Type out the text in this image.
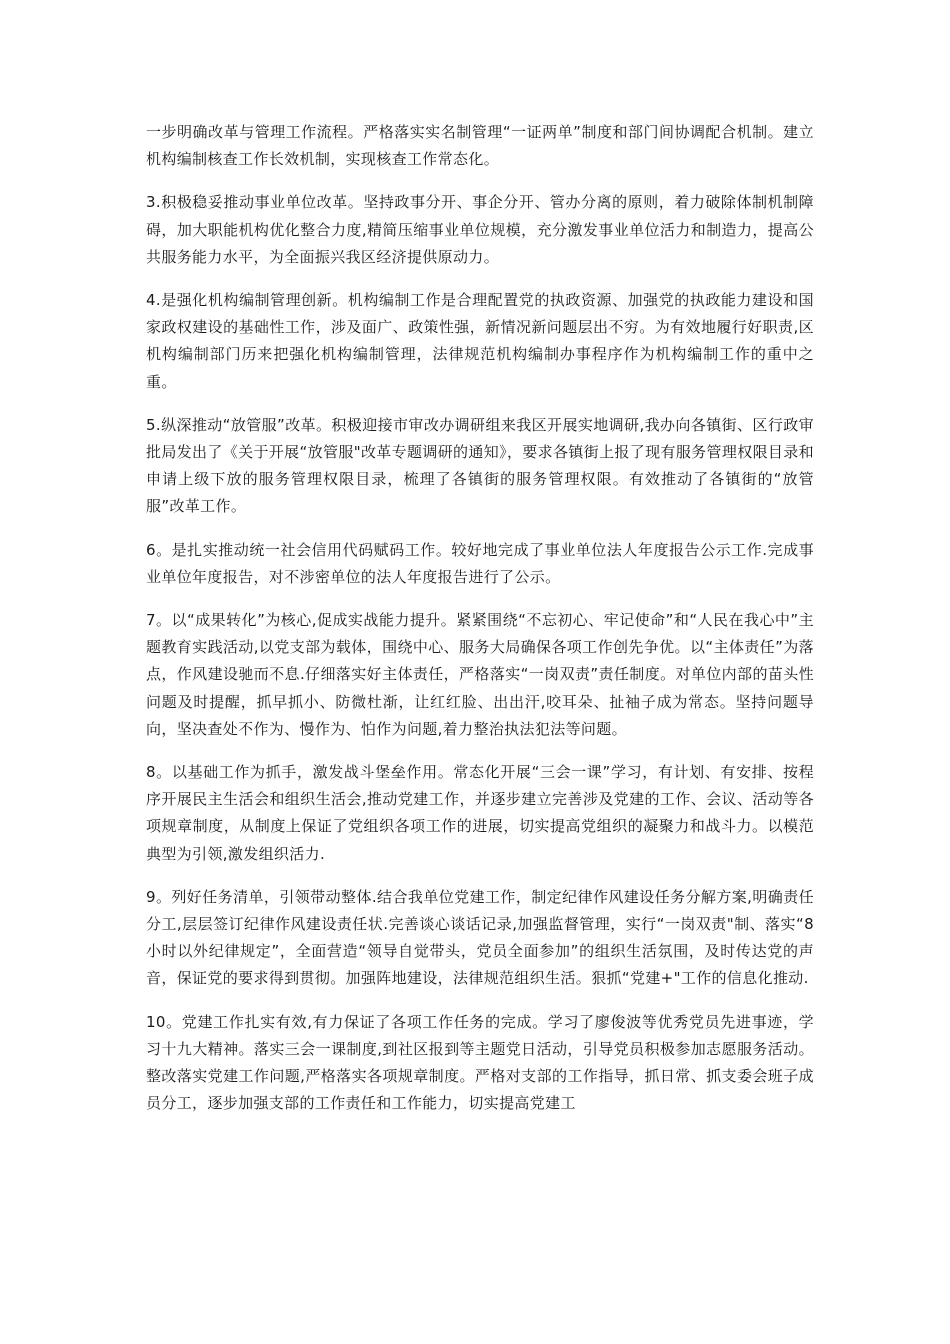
一步明确改革与管理工作流程。严格落实实名制管理“一证两单”制度和部门间协调配合机制。建立机构编制核查工作长效机制，实现核查工作常态化。

3.积极稳妥推动事业单位改革。坚持政事分开、事企分开、管办分离的原则，着力破除体制机制障碍，加大职能机构优化整合力度,精简压缩事业单位规模，充分激发事业单位活力和制造力，提高公共服务能力水平，为全面振兴我区经济提供原动力。

4.是强化机构编制管理创新。机构编制工作是合理配置党的执政资源、加强党的执政能力建设和国家政权建设的基础性工作，涉及面广、政策性强，新情况新问题层出不穷。为有效地履行好职责,区机构编制部门历来把强化机构编制管理，法律规范机构编制办事程序作为机构编制工作的重中之重。

5.纵深推动“放管服”改革。积极迎接市审改办调研组来我区开展实地调研,我办向各镇街、区行政审批局发出了《关于开展“放管服"改革专题调研的通知》，要求各镇街上报了现有服务管理权限目录和申请上级下放的服务管理权限目录，梳理了各镇街的服务管理权限。有效推动了各镇街的“放管服”改革工作。

6。是扎实推动统一社会信用代码赋码工作。较好地完成了事业单位法人年度报告公示工作.完成事业单位年度报告，对不涉密单位的法人年度报告进行了公示。

7。以“成果转化”为核心,促成实战能力提升。紧紧围绕“不忘初心、牢记使命”和“人民在我心中”主题教育实践活动,以党支部为载体，围绕中心、服务大局确保各项工作创先争优。以“主体责任”为落点，作风建设驰而不息.仔细落实好主体责任，严格落实“一岗双责”责任制度。对单位内部的苗头性问题及时提醒，抓早抓小、防微杜渐，让红红脸、出出汗,咬耳朵、扯袖子成为常态。坚持问题导向，坚决查处不作为、慢作为、怕作为问题,着力整治执法犯法等问题。

8。以基础工作为抓手，激发战斗堡垒作用。常态化开展“三会一课”学习，有计划、有安排、按程序开展民主生活会和组织生活会,推动党建工作，并逐步建立完善涉及党建的工作、会议、活动等各项规章制度，从制度上保证了党组织各项工作的进展，切实提高党组织的凝聚力和战斗力。以模范典型为引领,激发组织活力.

9。列好任务清单，引领带动整体.结合我单位党建工作，制定纪律作风建设任务分解方案,明确责任分工,层层签订纪律作风建设责任状.完善谈心谈话记录,加强监督管理，实行“一岗双责"制、落实“8小时以外纪律规定”，全面营造“领导自觉带头，党员全面参加”的组织生活氛围，及时传达党的声音，保证党的要求得到贯彻。加强阵地建设，法律规范组织生活。狠抓“党建+"工作的信息化推动.

10。党建工作扎实有效,有力保证了各项工作任务的完成。学习了廖俊波等优秀党员先进事迹，学习十九大精神。落实三会一课制度,到社区报到等主题党日活动，引导党员积极参加志愿服务活动。整改落实党建工作问题,严格落实各项规章制度。严格对支部的工作指导，抓日常、抓支委会班子成员分工，逐步加强支部的工作责任和工作能力，切实提高党建工
